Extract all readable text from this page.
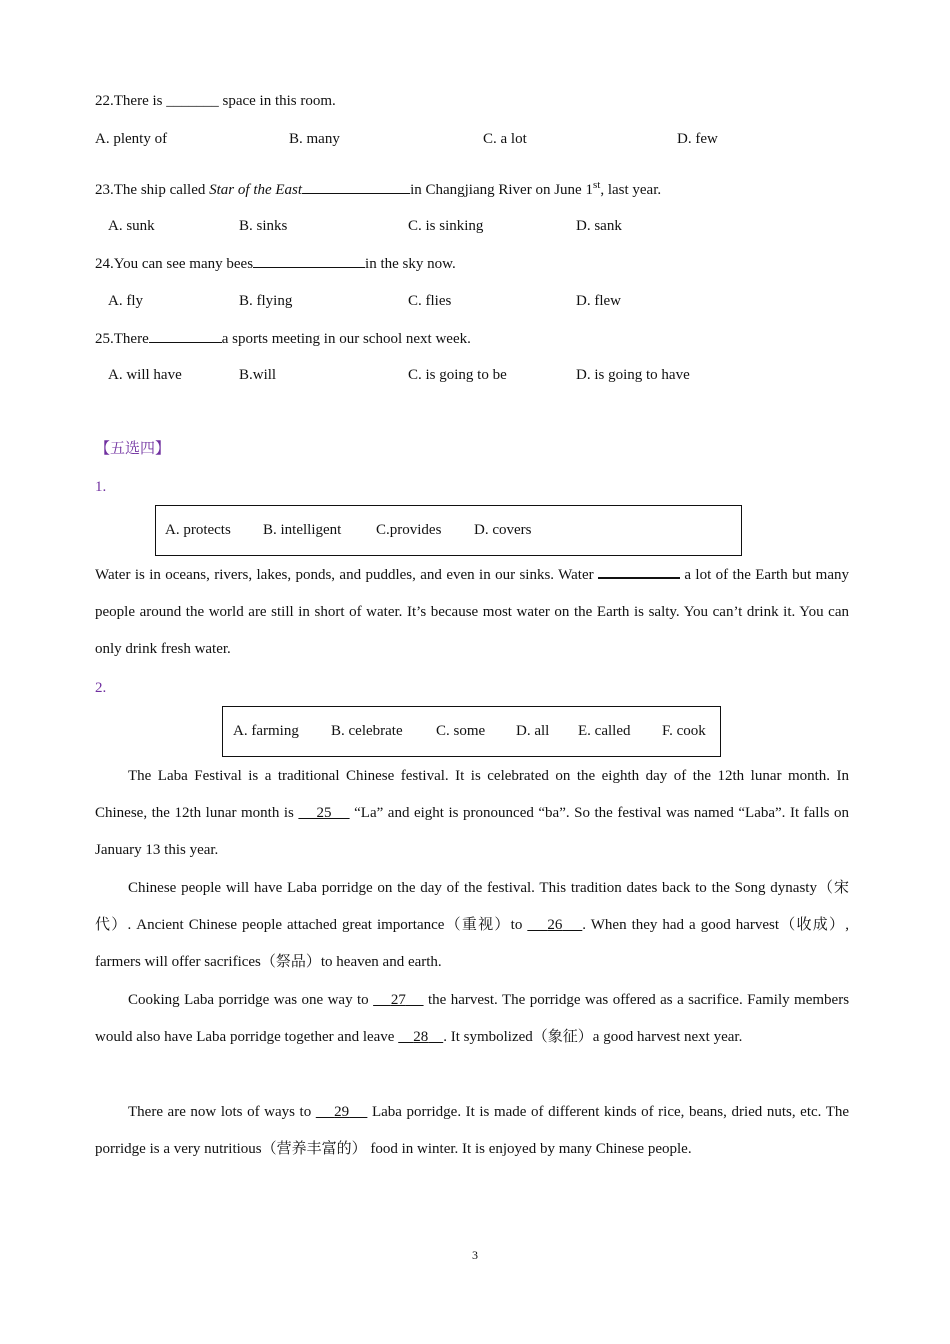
22.There is _______ space in this room.
A. plenty of	B. many	C. a lot	D. few
23.The ship called Star of the East	in Changjiang River on June 1st, last year.
A. sunk	B. sinks	C. is sinking	D. sank
24.You can see many bees	in the sky now.
A. fly	B. flying	C. flies	D. flew
25.There	a sports meeting in our school next week.
A. will have	B.will	C. is going to be	D. is going to have
【五选四】
1.
A. protects B. intelligent C.provides D. covers
Water is in oceans, rivers, lakes, ponds, and puddles, and even in our sinks. Water	a lot of the Earth but many people around the world are still in short of water. It’s because most water on the Earth is salty. You can’t drink it. You can only drink fresh water.
2.
A. farming B. celebrate C. some D. all E. called F. cook
The Laba Festival is a traditional Chinese festival. It is celebrated on the eighth day of the 12th lunar month. In Chinese, the 12th lunar month is     25     “La” and eight is pronounced “ba”. So the festival was named “Laba”. It falls on January 13 this year.
Chinese people will have Laba porridge on the day of the festival. This tradition dates back to the Song dynasty（宋代）. Ancient Chinese people attached great importance（重视）to     26 . When they had a good harvest（收成）, farmers will offer sacrifices（祭品）to heaven and earth.
Cooking Laba porridge was one way to     27     the harvest. The porridge was offered as a sacrifice. Family members would also have Laba porridge together and leave     28 . It symbolized（象征）a good harvest next year.
There are now lots of ways to     29     Laba porridge. It is made of different kinds of rice, beans, dried nuts, etc. The porridge is a very nutritious（营养丰富的） food in winter. It is enjoyed by many Chinese people.
3
